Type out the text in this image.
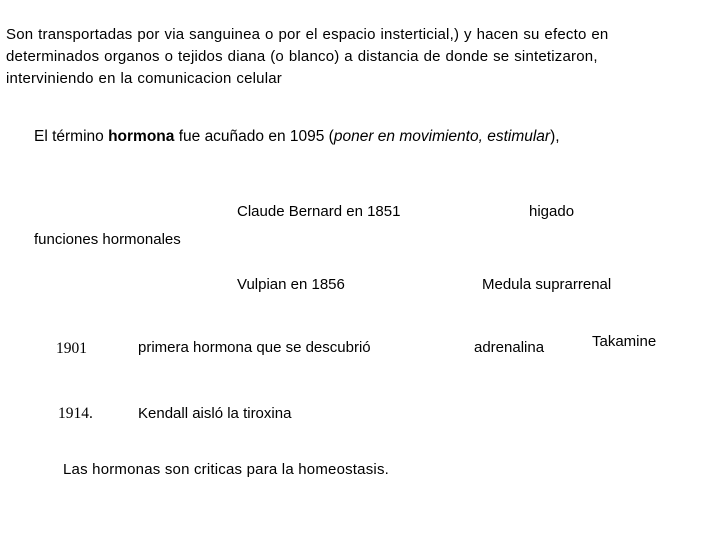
Son transportadas por via sanguinea o por el espacio insterticial,) y hacen su efecto en
determinados organos o tejidos diana (o blanco) a distancia de donde se sintetizaron,
interviniendo en la comunicacion celular
El término hormona fue acuñado en 1095 (poner en movimiento, estimular),
Claude Bernard en 1851	higado
funciones hormonales
Vulpian en 1856	Medula suprarrenal
1901	primera hormona que se descubrió	adrenalina	Takamine
1914.	Kendall aisló la tiroxina
Las hormonas son criticas para la homeostasis.
